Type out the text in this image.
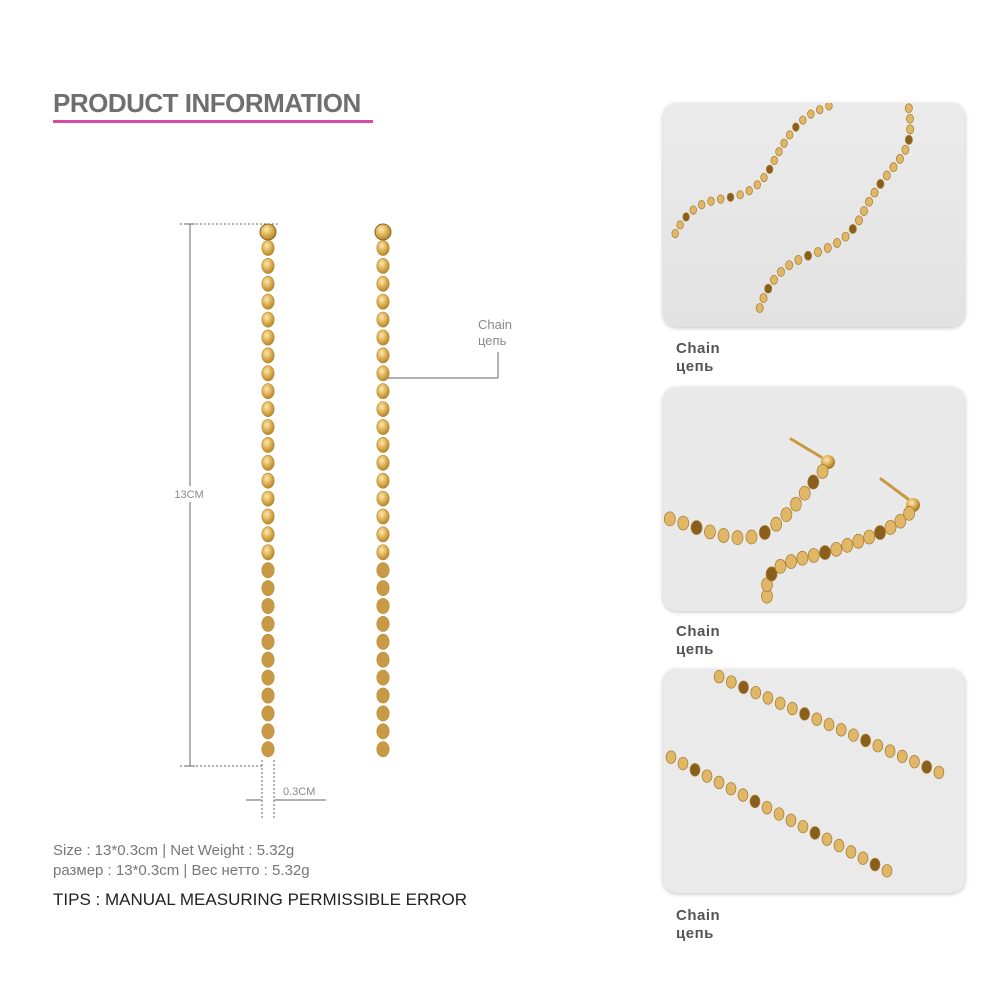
PRODUCT INFORMATION
13CM
0.3CM
Chain
цепь
Size : 13*0.3cm | Net Weight : 5.32g
размер : 13*0.3cm | Вес нетто : 5.32g
TIPS : MANUAL MEASURING PERMISSIBLE ERROR
Chain
цепь
Chain
цепь
Chain
цепь
